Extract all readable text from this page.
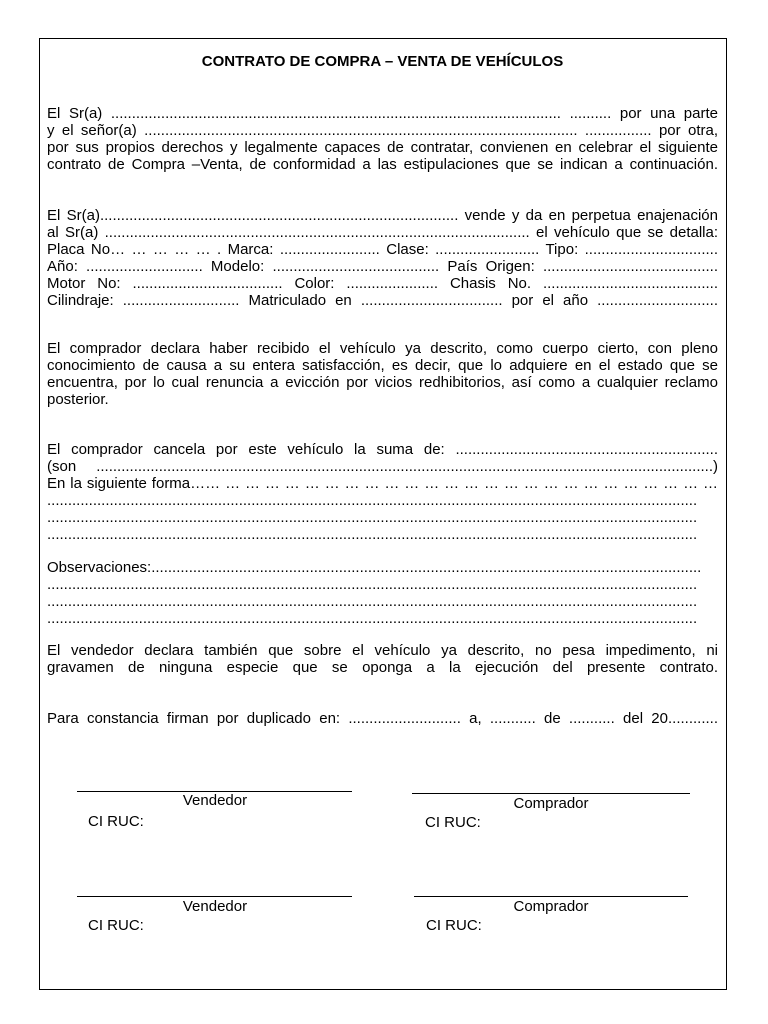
CONTRATO DE COMPRA – VENTA DE VEHÍCULOS
El Sr(a) ............................................................................................................ .......... por una parte
y el señor(a) ........................................................................................................ ................ por otra,
por sus propios derechos y legalmente capaces de contratar, convienen en celebrar el siguiente
contrato de Compra –Venta, de conformidad a las estipulaciones que se indican a continuación.
El Sr(a)...................................................................................... vende y da en perpetua enajenación
al Sr(a) ...................................................................................................... el vehículo que se detalla:
Placa No… … … … … . Marca: ........................ Clase: ......................... Tipo: ................................
Año: ............................ Modelo: ........................................ País Origen: ..........................................
Motor No: .................................... Color: ...................... Chasis No. ..........................................
Cilindraje: ............................ Matriculado en .................................. por el año .............................
El comprador declara haber recibido el vehículo ya descrito, como cuerpo cierto, con pleno
conocimiento de causa a su entera satisfacción, es decir, que lo adquiere en el estado que se
encuentra, por lo cual renuncia a evicción por vicios redhibitorios, así como a cualquier reclamo
posterior.
El comprador cancela por este vehículo la suma de: ...............................................................
(son ....................................................................................................................................................)
En la siguiente forma…… … … … … … … … … … … … … … … … … … … … … … … … … …
............................................................................................................................................................
............................................................................................................................................................
............................................................................................................................................................
Observaciones:....................................................................................................................................
............................................................................................................................................................
............................................................................................................................................................
............................................................................................................................................................
El vendedor declara también que sobre el vehículo ya descrito, no pesa impedimento, ni
gravamen de ninguna especie que se oponga a la ejecución del presente contrato.
Para constancia firman por duplicado en: ........................... a, ........... de ........... del 20............
Vendedor	Comprador
CI RUC:	CI RUC:
Vendedor	Comprador
CI RUC:	CI RUC:
